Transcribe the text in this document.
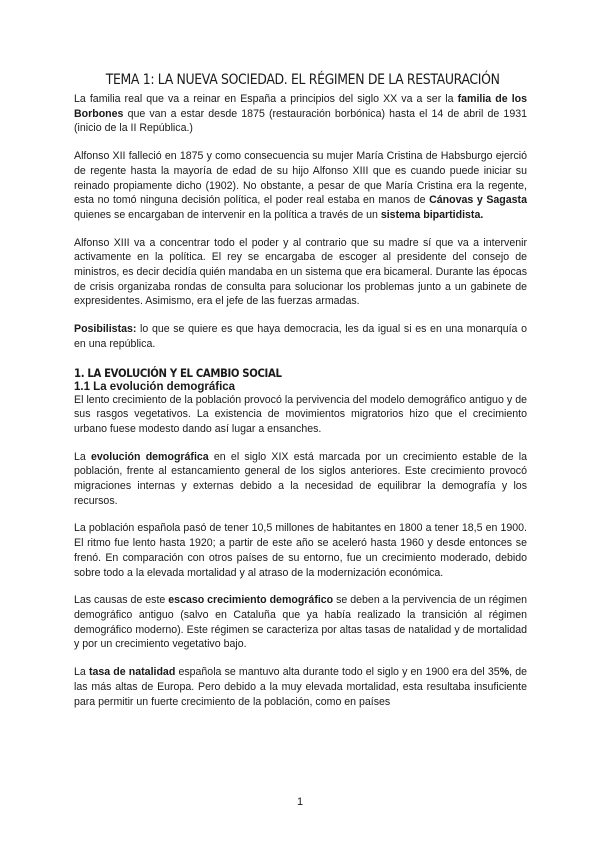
TEMA 1: LA NUEVA SOCIEDAD. EL RÉGIMEN DE LA RESTAURACIÓN

La familia real que va a reinar en España a principios del siglo XX va a ser la familia de los Borbones que van a estar desde 1875 (restauración borbónica) hasta el 14 de abril de 1931 (inicio de la II República.)

Alfonso XII falleció en 1875 y como consecuencia su mujer María Cristina de Habsburgo ejerció de regente hasta la mayoría de edad de su hijo Alfonso XIII que es cuando puede iniciar su reinado propiamente dicho (1902). No obstante, a pesar de que María Cristina era la regente, esta no tomó ninguna decisión política, el poder real estaba en manos de Cánovas y Sagasta quienes se encargaban de intervenir en la política a través de un sistema bipartidista.

Alfonso XIII va a concentrar todo el poder y al contrario que su madre sí que va a intervenir activamente en la política. El rey se encargaba de escoger al presidente del consejo de ministros, es decir decidía quién mandaba en un sistema que era bicameral. Durante las épocas de crisis organizaba rondas de consulta para solucionar los problemas junto a un gabinete de expresidentes. Asimismo, era el jefe de las fuerzas armadas.

Posibilistas: lo que se quiere es que haya democracia, les da igual si es en una monarquía o en una república.

1. LA EVOLUCIÓN Y EL CAMBIO SOCIAL
1.1 La evolución demográfica

El lento crecimiento de la población provocó la pervivencia del modelo demográfico antiguo y de sus rasgos vegetativos. La existencia de movimientos migratorios hizo que el crecimiento urbano fuese modesto dando así lugar a ensanches.

La evolución demográfica en el siglo XIX está marcada por un crecimiento estable de la población, frente al estancamiento general de los siglos anteriores. Este crecimiento provocó migraciones internas y externas debido a la necesidad de equilibrar la demografía y los recursos.

La población española pasó de tener 10,5 millones de habitantes en 1800 a tener 18,5 en 1900. El ritmo fue lento hasta 1920; a partir de este año se aceleró hasta 1960 y desde entonces se frenó. En comparación con otros países de su entorno, fue un crecimiento moderado, debido sobre todo a la elevada mortalidad y al atraso de la modernización económica.

Las causas de este escaso crecimiento demográfico se deben a la pervivencia de un régimen demográfico antiguo (salvo en Cataluña que ya había realizado la transición al régimen demográfico moderno). Este régimen se caracteriza por altas tasas de natalidad y de mortalidad y por un crecimiento vegetativo bajo.

La tasa de natalidad española se mantuvo alta durante todo el siglo y en 1900 era del 35%, de las más altas de Europa. Pero debido a la muy elevada mortalidad, esta resultaba insuficiente para permitir un fuerte crecimiento de la población, como en países

1
